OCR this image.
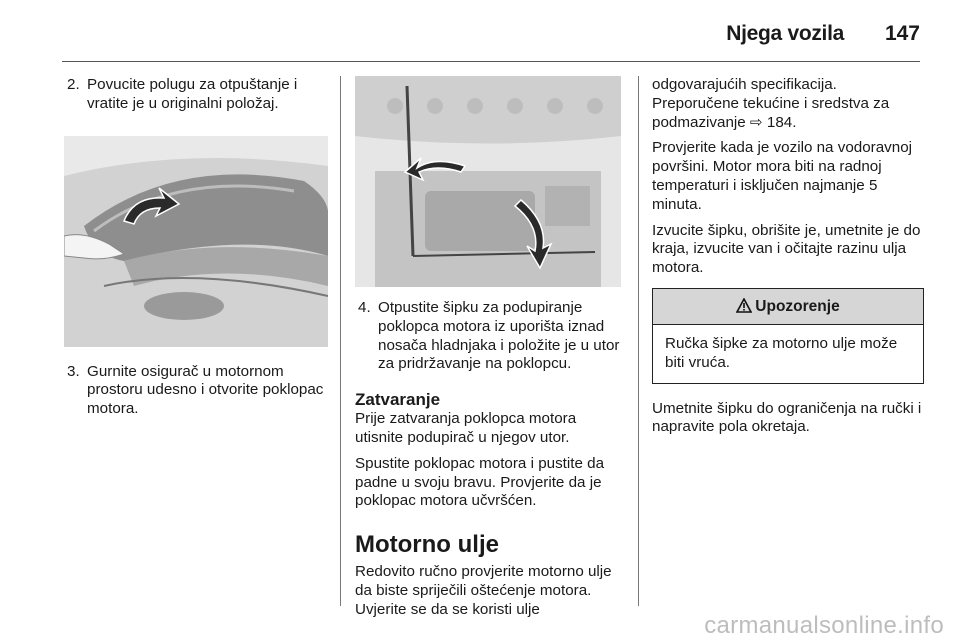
Njega vozila 147
2. Povucite polugu za otpuštanje i vratite je u originalni položaj.
3. Gurnite osigurač u motornom prostoru udesno i otvorite poklopac motora.
4. Otpustite šipku za podupiranje poklopca motora iz uporišta iznad nosača hladnjaka i položite je u utor za pridržavanje na poklopcu.
Zatvaranje

Prije zatvaranja poklopca motora utisnite podupirač u njegov utor.

Spustite poklopac motora i pustite da padne u svoju bravu. Provjerite da je poklopac motora učvršćen.

Motorno ulje

Redovito ručno provjerite motorno ulje da biste spriječili oštećenje motora. Uvjerite se da se koristi ulje

odgovarajućih specifikacija. Preporučene tekućine i sredstva za podmazivanje ⇨ 184.

Provjerite kada je vozilo na vodoravnoj površini. Motor mora biti na radnoj temperaturi i isključen najmanje 5 minuta.

Izvucite šipku, obrišite je, umetnite je do kraja, izvucite van i očitajte razinu ulja motora.

Upozorenje
Ručka šipke za motorno ulje može biti vruća.

Umetnite šipku do ograničenja na ručki i napravite pola okretaja.

carmanualsonline.info
